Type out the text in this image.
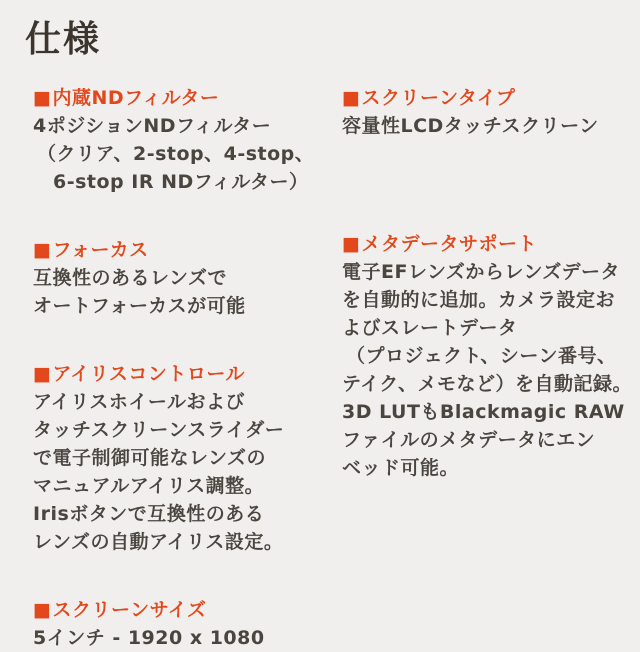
仕様
■内蔵NDフィルター
4ポジションNDフィルター
（クリア、2-stop、4-stop、
6-stop IR NDフィルター）
■フォーカス
互換性のあるレンズで
オートフォーカスが可能
■アイリスコントロール
アイリスホイールおよび
タッチスクリーンスライダー
で電子制御可能なレンズの
マニュアルアイリス調整。
Irisボタンで互換性のある
レンズの自動アイリス設定。
■スクリーンサイズ
5インチ - 1920 x 1080
■スクリーンタイプ
容量性LCDタッチスクリーン
■メタデータサポート
電子EFレンズからレンズデータ
を自動的に追加。カメラ設定お
よびスレートデータ
（プロジェクト、シーン番号、
テイク、メモなど）を自動記録。
3D LUTもBlackmagic RAW
ファイルのメタデータにエン
ベッド可能。
